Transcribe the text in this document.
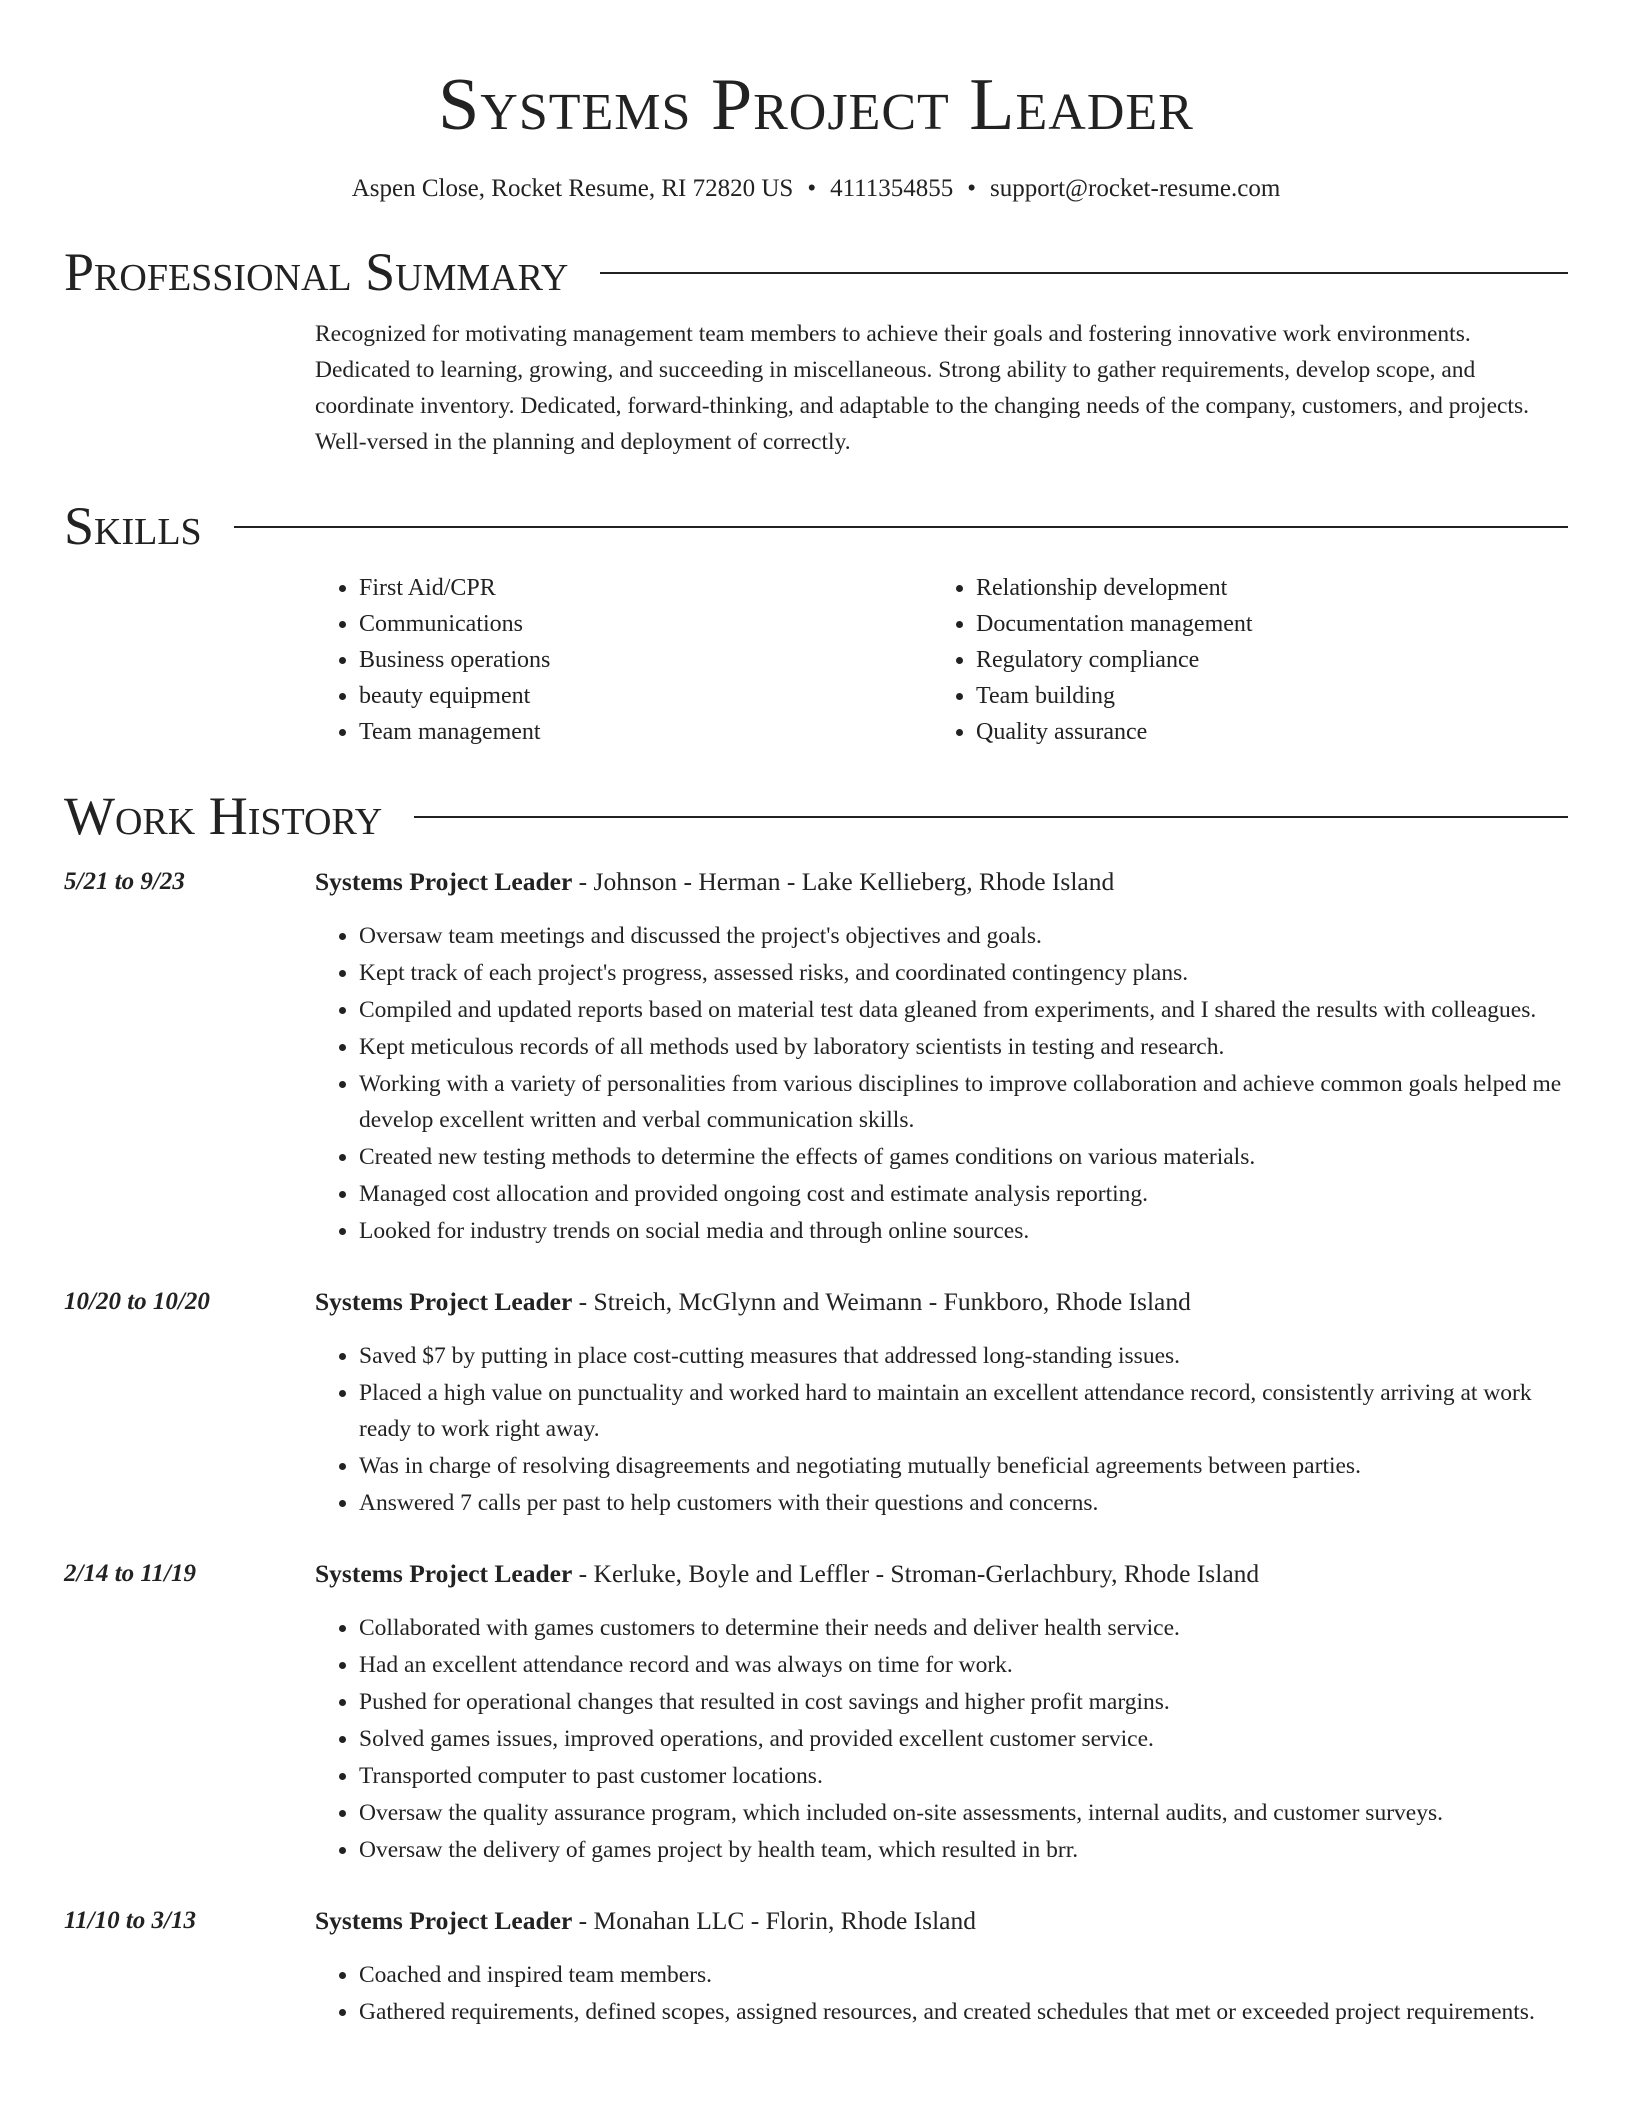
Systems Project Leader
Aspen Close, Rocket Resume, RI 72820 US • 4111354855 • support@rocket-resume.com
Professional Summary

Recognized for motivating management team members to achieve their goals and fostering innovative work environments. Dedicated to learning, growing, and succeeding in miscellaneous. Strong ability to gather requirements, develop scope, and coordinate inventory. Dedicated, forward-thinking, and adaptable to the changing needs of the company, customers, and projects. Well-versed in the planning and deployment of correctly.

Skills
• First Aid/CPR
• Communications
• Business operations
• beauty equipment
• Team management
• Relationship development
• Documentation management
• Regulatory compliance
• Team building
• Quality assurance
Work History
5/21 to 9/23	Systems Project Leader - Johnson - Herman - Lake Kellieberg, Rhode Island
• Oversaw team meetings and discussed the project's objectives and goals.
• Kept track of each project's progress, assessed risks, and coordinated contingency plans.
• Compiled and updated reports based on material test data gleaned from experiments, and I shared the results with colleagues.
• Kept meticulous records of all methods used by laboratory scientists in testing and research.
• Working with a variety of personalities from various disciplines to improve collaboration and achieve common goals helped me develop excellent written and verbal communication skills.
• Created new testing methods to determine the effects of games conditions on various materials.
• Managed cost allocation and provided ongoing cost and estimate analysis reporting.
• Looked for industry trends on social media and through online sources.
10/20 to 10/20	Systems Project Leader - Streich, McGlynn and Weimann - Funkboro, Rhode Island
• Saved $7 by putting in place cost-cutting measures that addressed long-standing issues.
• Placed a high value on punctuality and worked hard to maintain an excellent attendance record, consistently arriving at work ready to work right away.
• Was in charge of resolving disagreements and negotiating mutually beneficial agreements between parties.
• Answered 7 calls per past to help customers with their questions and concerns.
2/14 to 11/19	Systems Project Leader - Kerluke, Boyle and Leffler - Stroman-Gerlachbury, Rhode Island
• Collaborated with games customers to determine their needs and deliver health service.
• Had an excellent attendance record and was always on time for work.
• Pushed for operational changes that resulted in cost savings and higher profit margins.
• Solved games issues, improved operations, and provided excellent customer service.
• Transported computer to past customer locations.
• Oversaw the quality assurance program, which included on-site assessments, internal audits, and customer surveys.
• Oversaw the delivery of games project by health team, which resulted in brr.
11/10 to 3/13	Systems Project Leader - Monahan LLC - Florin, Rhode Island
• Coached and inspired team members.
• Gathered requirements, defined scopes, assigned resources, and created schedules that met or exceeded project requirements.
